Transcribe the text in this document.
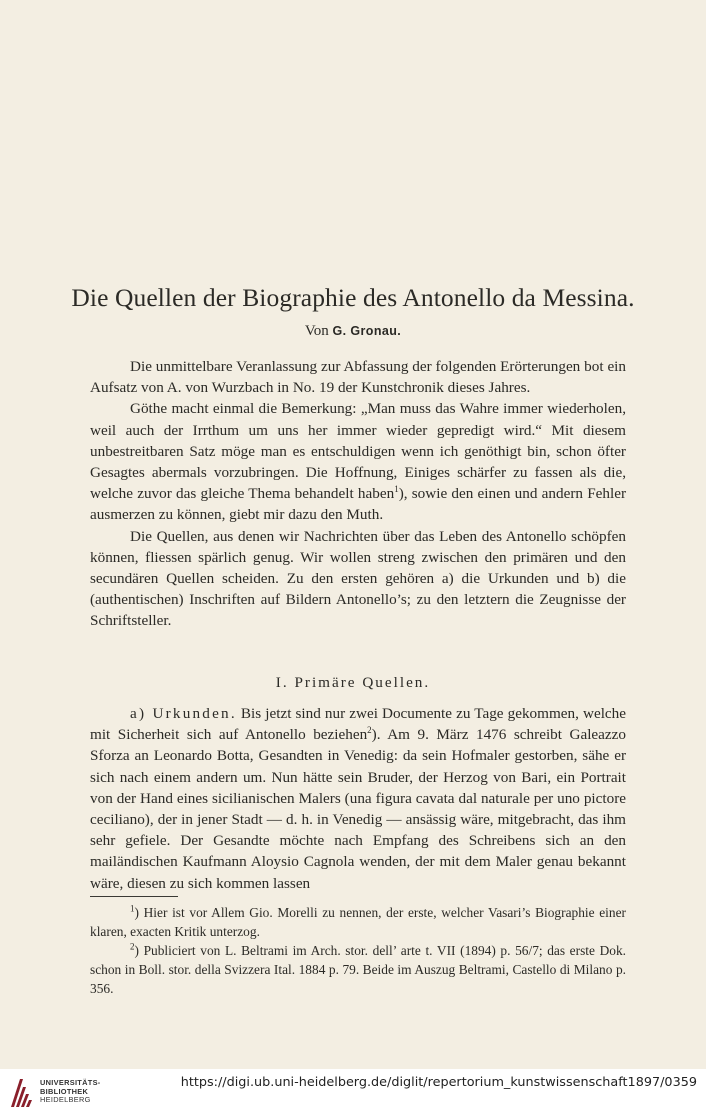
Die Quellen der Biographie des Antonello da Messina.
Von G. Gronau.

Die unmittelbare Veranlassung zur Abfassung der folgenden Erörterungen bot ein Aufsatz von A. von Wurzbach in No. 19 der Kunstchronik dieses Jahres.

Göthe macht einmal die Bemerkung: „Man muss das Wahre immer wiederholen, weil auch der Irrthum um uns her immer wieder gepredigt wird.“ Mit diesem unbestreitbaren Satz möge man es entschuldigen wenn ich genöthigt bin, schon öfter Gesagtes abermals vorzubringen. Die Hoffnung, Einiges schärfer zu fassen als die, welche zuvor das gleiche Thema behandelt haben$^1$), sowie den einen und andern Fehler ausmerzen zu können, giebt mir dazu den Muth.

Die Quellen, aus denen wir Nachrichten über das Leben des Antonello schöpfen können, fliessen spärlich genug. Wir wollen streng zwischen den primären und den secundären Quellen scheiden. Zu den ersten gehören a) die Urkunden und b) die (authentischen) Inschriften auf Bildern Antonello’s; zu den letztern die Zeugnisse der Schriftsteller.

I. Primäre Quellen.

a) Urkunden. Bis jetzt sind nur zwei Documente zu Tage gekommen, welche mit Sicherheit sich auf Antonello beziehen$^2$). Am 9. März 1476 schreibt Galeazzo Sforza an Leonardo Botta, Gesandten in Venedig: da sein Hofmaler gestorben, sähe er sich nach einem andern um. Nun hätte sein Bruder, der Herzog von Bari, ein Portrait von der Hand eines sicilianischen Malers (una figura cavata dal naturale per uno pictore ceciliano), der in jener Stadt — d. h. in Venedig — ansässig wäre, mitgebracht, das ihm sehr gefiele. Der Gesandte möchte nach Empfang des Schreibens sich an den mailändischen Kaufmann Aloysio Cagnola wenden, der mit dem Maler genau bekannt wäre, diesen zu sich kommen lassen

$^1$) Hier ist vor Allem Gio. Morelli zu nennen, der erste, welcher Vasari’s Biographie einer klaren, exacten Kritik unterzog.

$^2$) Publiciert von L. Beltrami im Arch. stor. dell’ arte t. VII (1894) p. 56/7; das erste Dok. schon in Boll. stor. della Svizzera Ital. 1884 p. 79. Beide im Auszug Beltrami, Castello di Milano p. 356.

UNIVERSITÄTS-
BIBLIOTHEK
HEIDELBERG
https://digi.ub.uni-heidelberg.de/diglit/repertorium_kunstwissenschaft1897/0359
